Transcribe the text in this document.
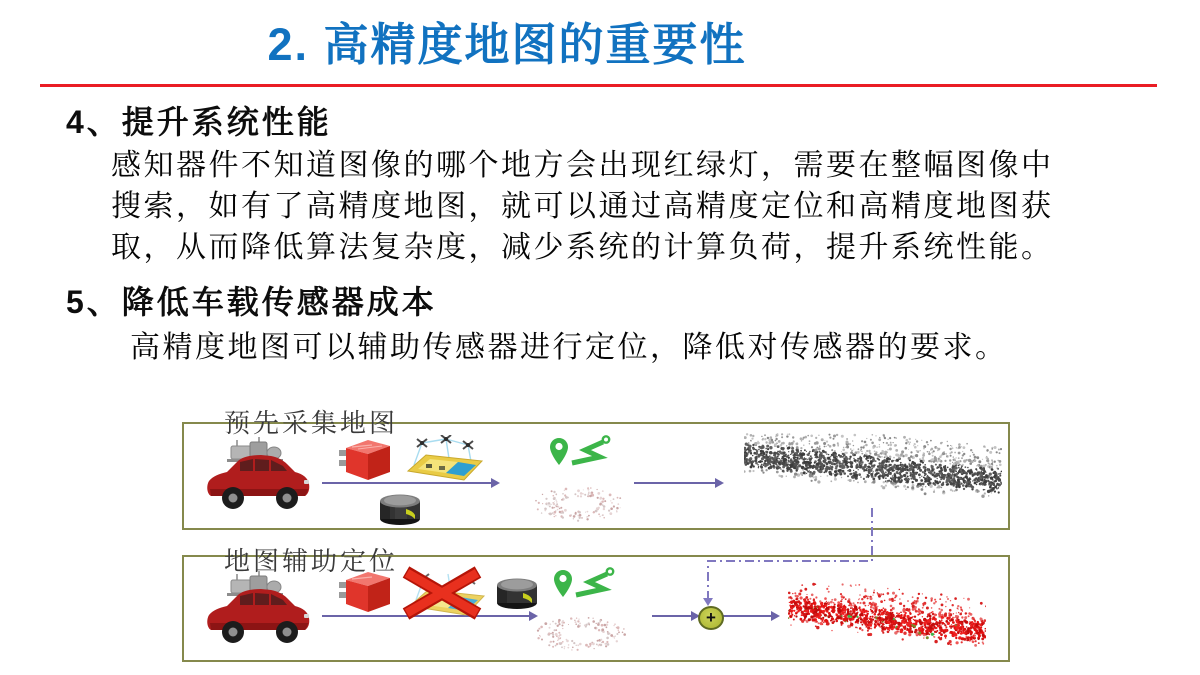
2. 高精度地图的重要性
4、提升系统性能
感知器件不知道图像的哪个地方会出现红绿灯，需要在整幅图像中
搜索，如有了高精度地图，就可以通过高精度定位和高精度地图获
取，从而降低算法复杂度，减少系统的计算负荷，提升系统性能。
5、降低车载传感器成本
高精度地图可以辅助传感器进行定位，降低对传感器的要求。
预先采集地图
地图辅助定位
+
